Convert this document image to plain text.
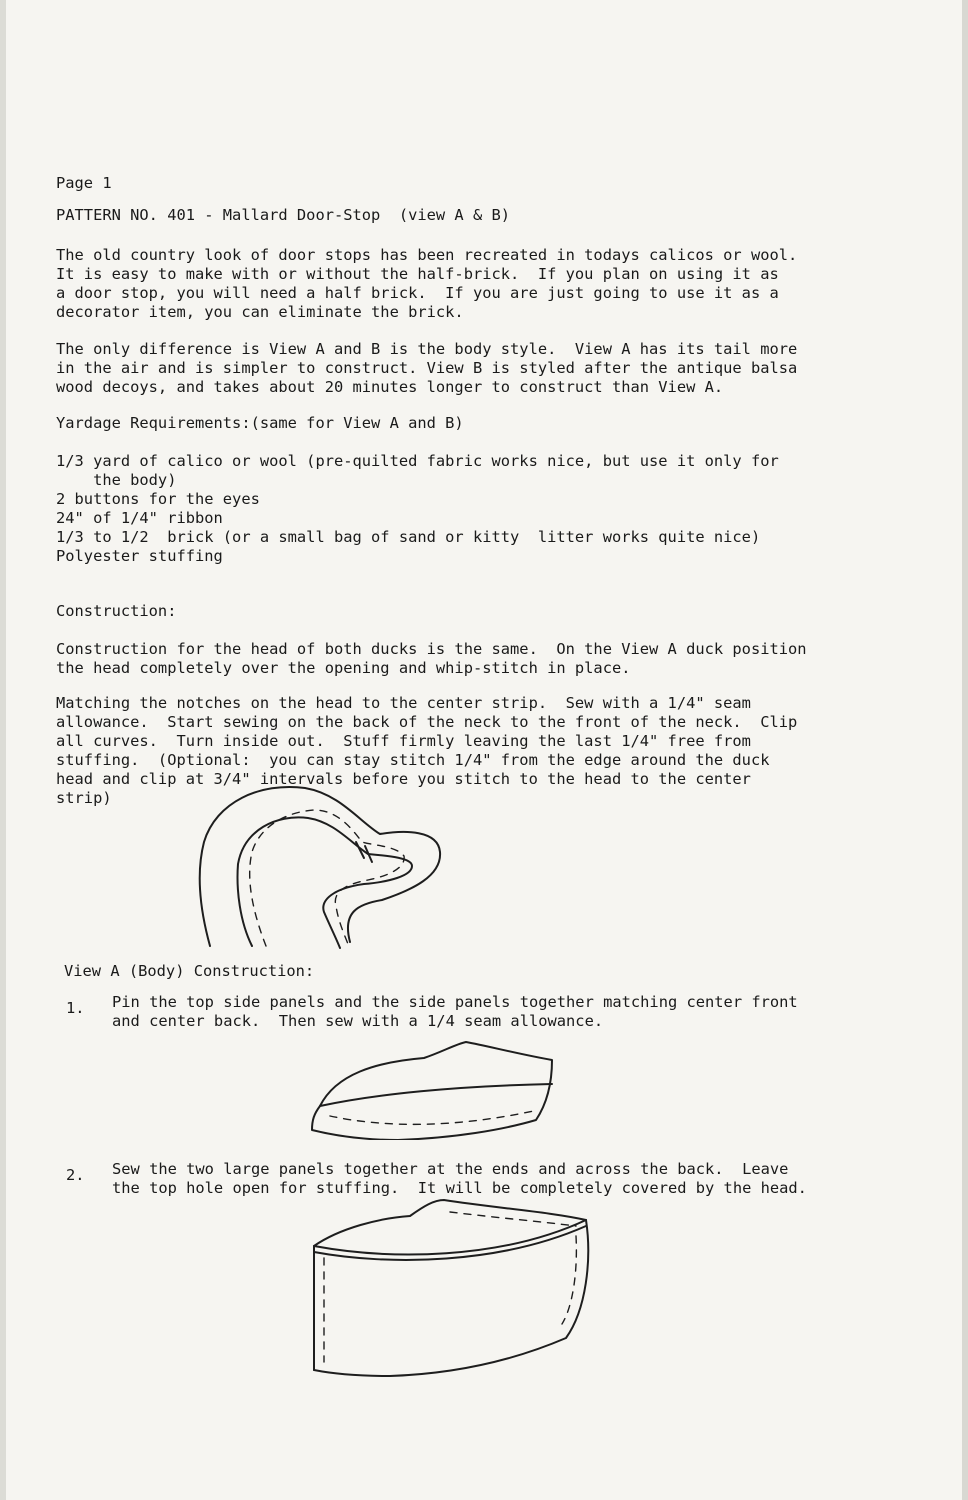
Page 1

PATTERN NO. 401 - Mallard Door-Stop  (view A & B)

The old country look of door stops has been recreated in todays calicos or wool.

It is easy to make with or without the half-brick.  If you plan on using it as

a door stop, you will need a half brick.  If you are just going to use it as a

decorator item, you can eliminate the brick.

The only difference is View A and B is the body style.  View A has its tail more

in the air and is simpler to construct. View B is styled after the antique balsa

wood decoys, and takes about 20 minutes longer to construct than View A.

Yardage Requirements:(same for View A and B)

1/3 yard of calico or wool (pre-quilted fabric works nice, but use it only for

the body)

2 buttons for the eyes

24" of 1/4" ribbon

1/3 to 1/2  brick (or a small bag of sand or kitty  litter works quite nice)

Polyester stuffing

Construction:

Construction for the head of both ducks is the same.  On the View A duck position

the head completely over the opening and whip-stitch in place.

Matching the notches on the head to the center strip.  Sew with a 1/4" seam

allowance.  Start sewing on the back of the neck to the front of the neck.  Clip

all curves.  Turn inside out.  Stuff firmly leaving the last 1/4" free from

stuffing.  (Optional:  you can stay stitch 1/4" from the edge around the duck

head and clip at 3/4" intervals before you stitch to the head to the center

strip)

View A (Body) Construction:

1. Pin the top side panels and the side panels together matching center front

and center back.  Then sew with a 1/4 seam allowance.

2. Sew the two large panels together at the ends and across the back.  Leave

the top hole open for stuffing.  It will be completely covered by the head.
